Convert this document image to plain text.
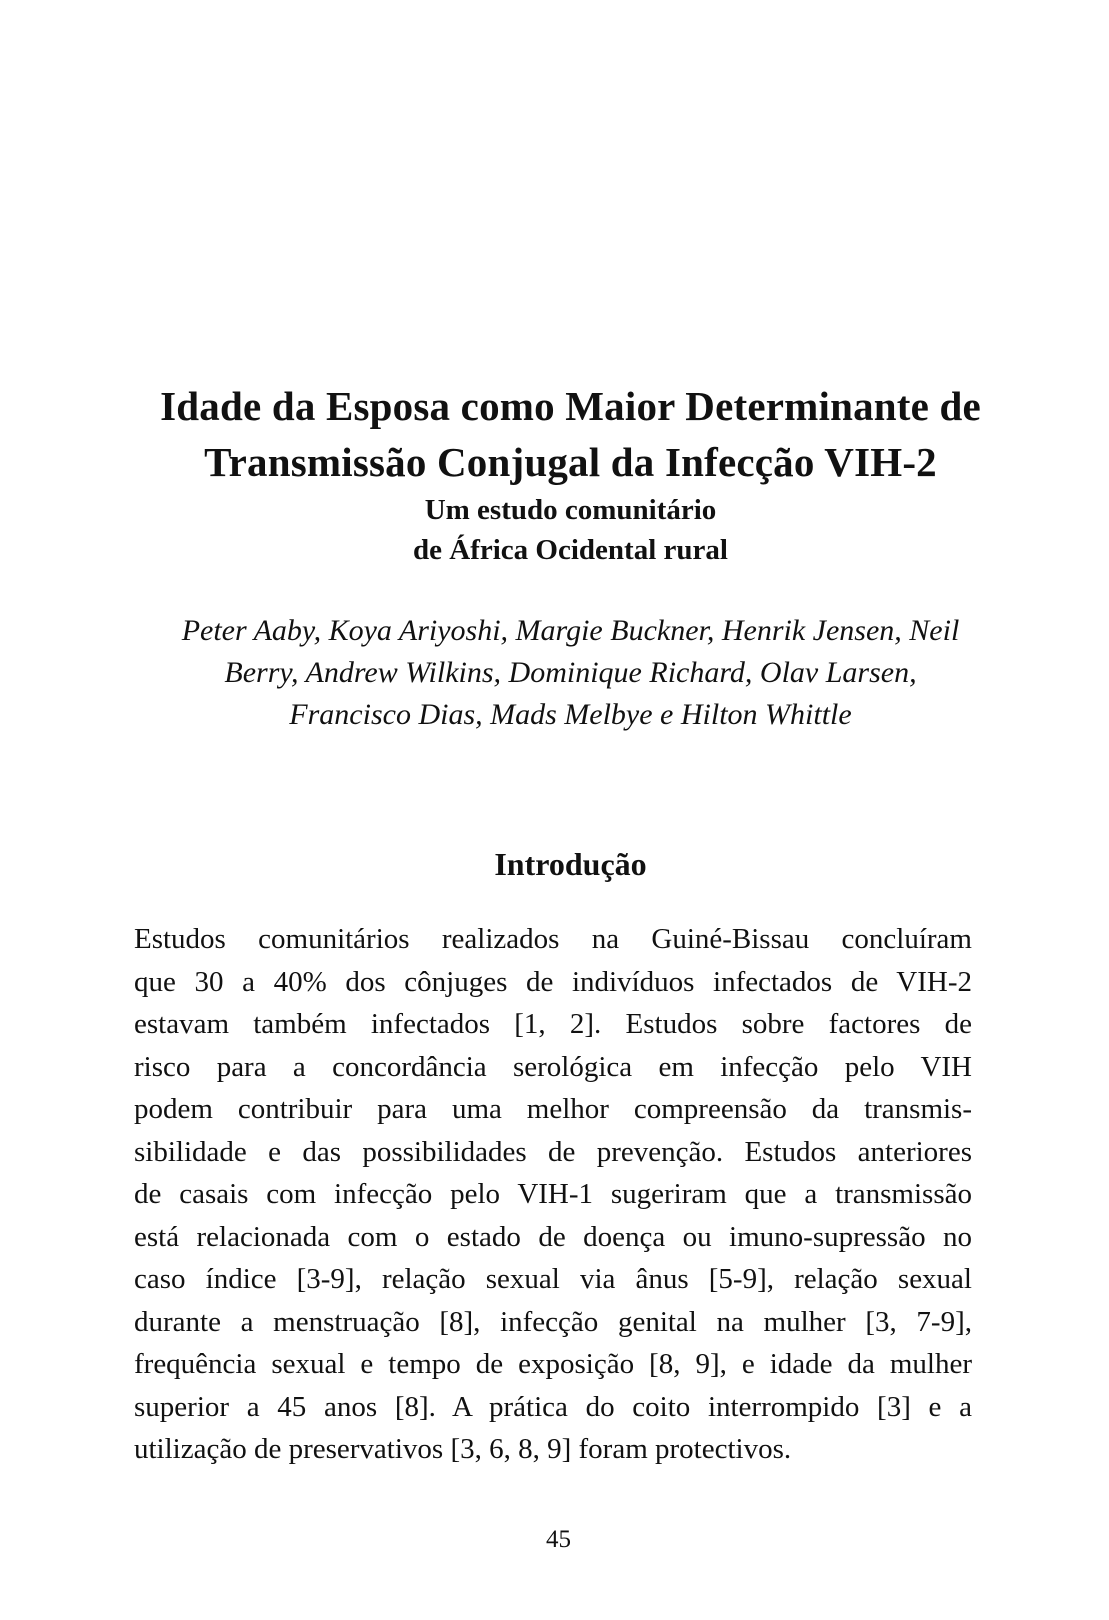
Idade da Esposa como Maior Determinante de
Transmissão Conjugal da Infecção VIH-2
Um estudo comunitário
de África Ocidental rural
Peter Aaby, Koya Ariyoshi, Margie Buckner, Henrik Jensen, Neil
Berry, Andrew Wilkins, Dominique Richard, Olav Larsen,
Francisco Dias, Mads Melbye e Hilton Whittle
Introdução
Estudos comunitários realizados na Guiné-Bissau concluíram
que 30 a 40% dos cônjuges de indivíduos infectados de VIH-2
estavam também infectados [1, 2]. Estudos sobre factores de
risco para a concordância serológica em infecção pelo VIH
podem contribuir para uma melhor compreensão da transmis-
sibilidade e das possibilidades de prevenção. Estudos anteriores
de casais com infecção pelo VIH-1 sugeriram que a transmissão
está relacionada com o estado de doença ou imuno-supressão no
caso índice [3-9], relação sexual via ânus [5-9], relação sexual
durante a menstruação [8], infecção genital na mulher [3, 7-9],
frequência sexual e tempo de exposição [8, 9], e idade da mulher
superior a 45 anos [8]. A prática do coito interrompido [3] e a
utilização de preservativos [3, 6, 8, 9] foram protectivos.
45
